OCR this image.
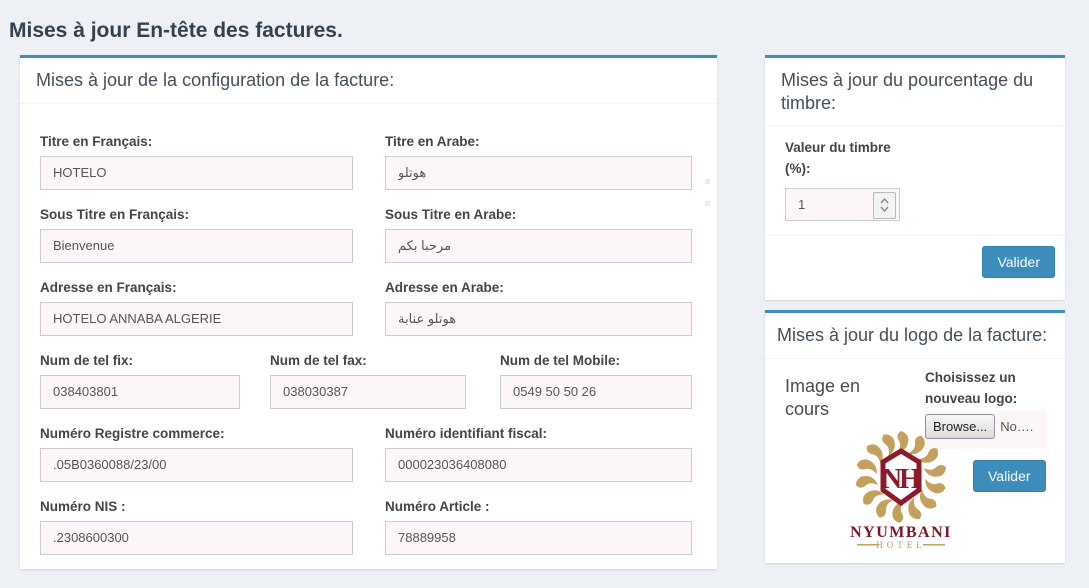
Mises à jour En-tête des factures.
Mises à jour de la configuration de la facture:
Titre en Français:
HOTELO	Titre en Arabe:
هوتلو
Sous Titre en Français:
Bienvenue	Sous Titre en Arabe:
مرحبا بكم
Adresse en Français:
HOTELO ANNABA ALGERIE	Adresse en Arabe:
هوتلو عنابة
Num de tel fix:
038403801	Num de tel fax:
038030387	Num de tel Mobile:
0549 50 50 26
Numéro Registre commerce:
.05B0360088/23/00	Numéro identifiant fiscal:
000023036408080
Numéro NIS :
.2308600300	Numéro Article :
78889958
Mises à jour du pourcentage du timbre:
Valeur du timbre (%):
1
Valider
Mises à jour du logo de la facture:
Image en cours
Choisissez un nouveau logo:
Browse...	No….
Valider
N
H
NYUMBANI
HOTEL
